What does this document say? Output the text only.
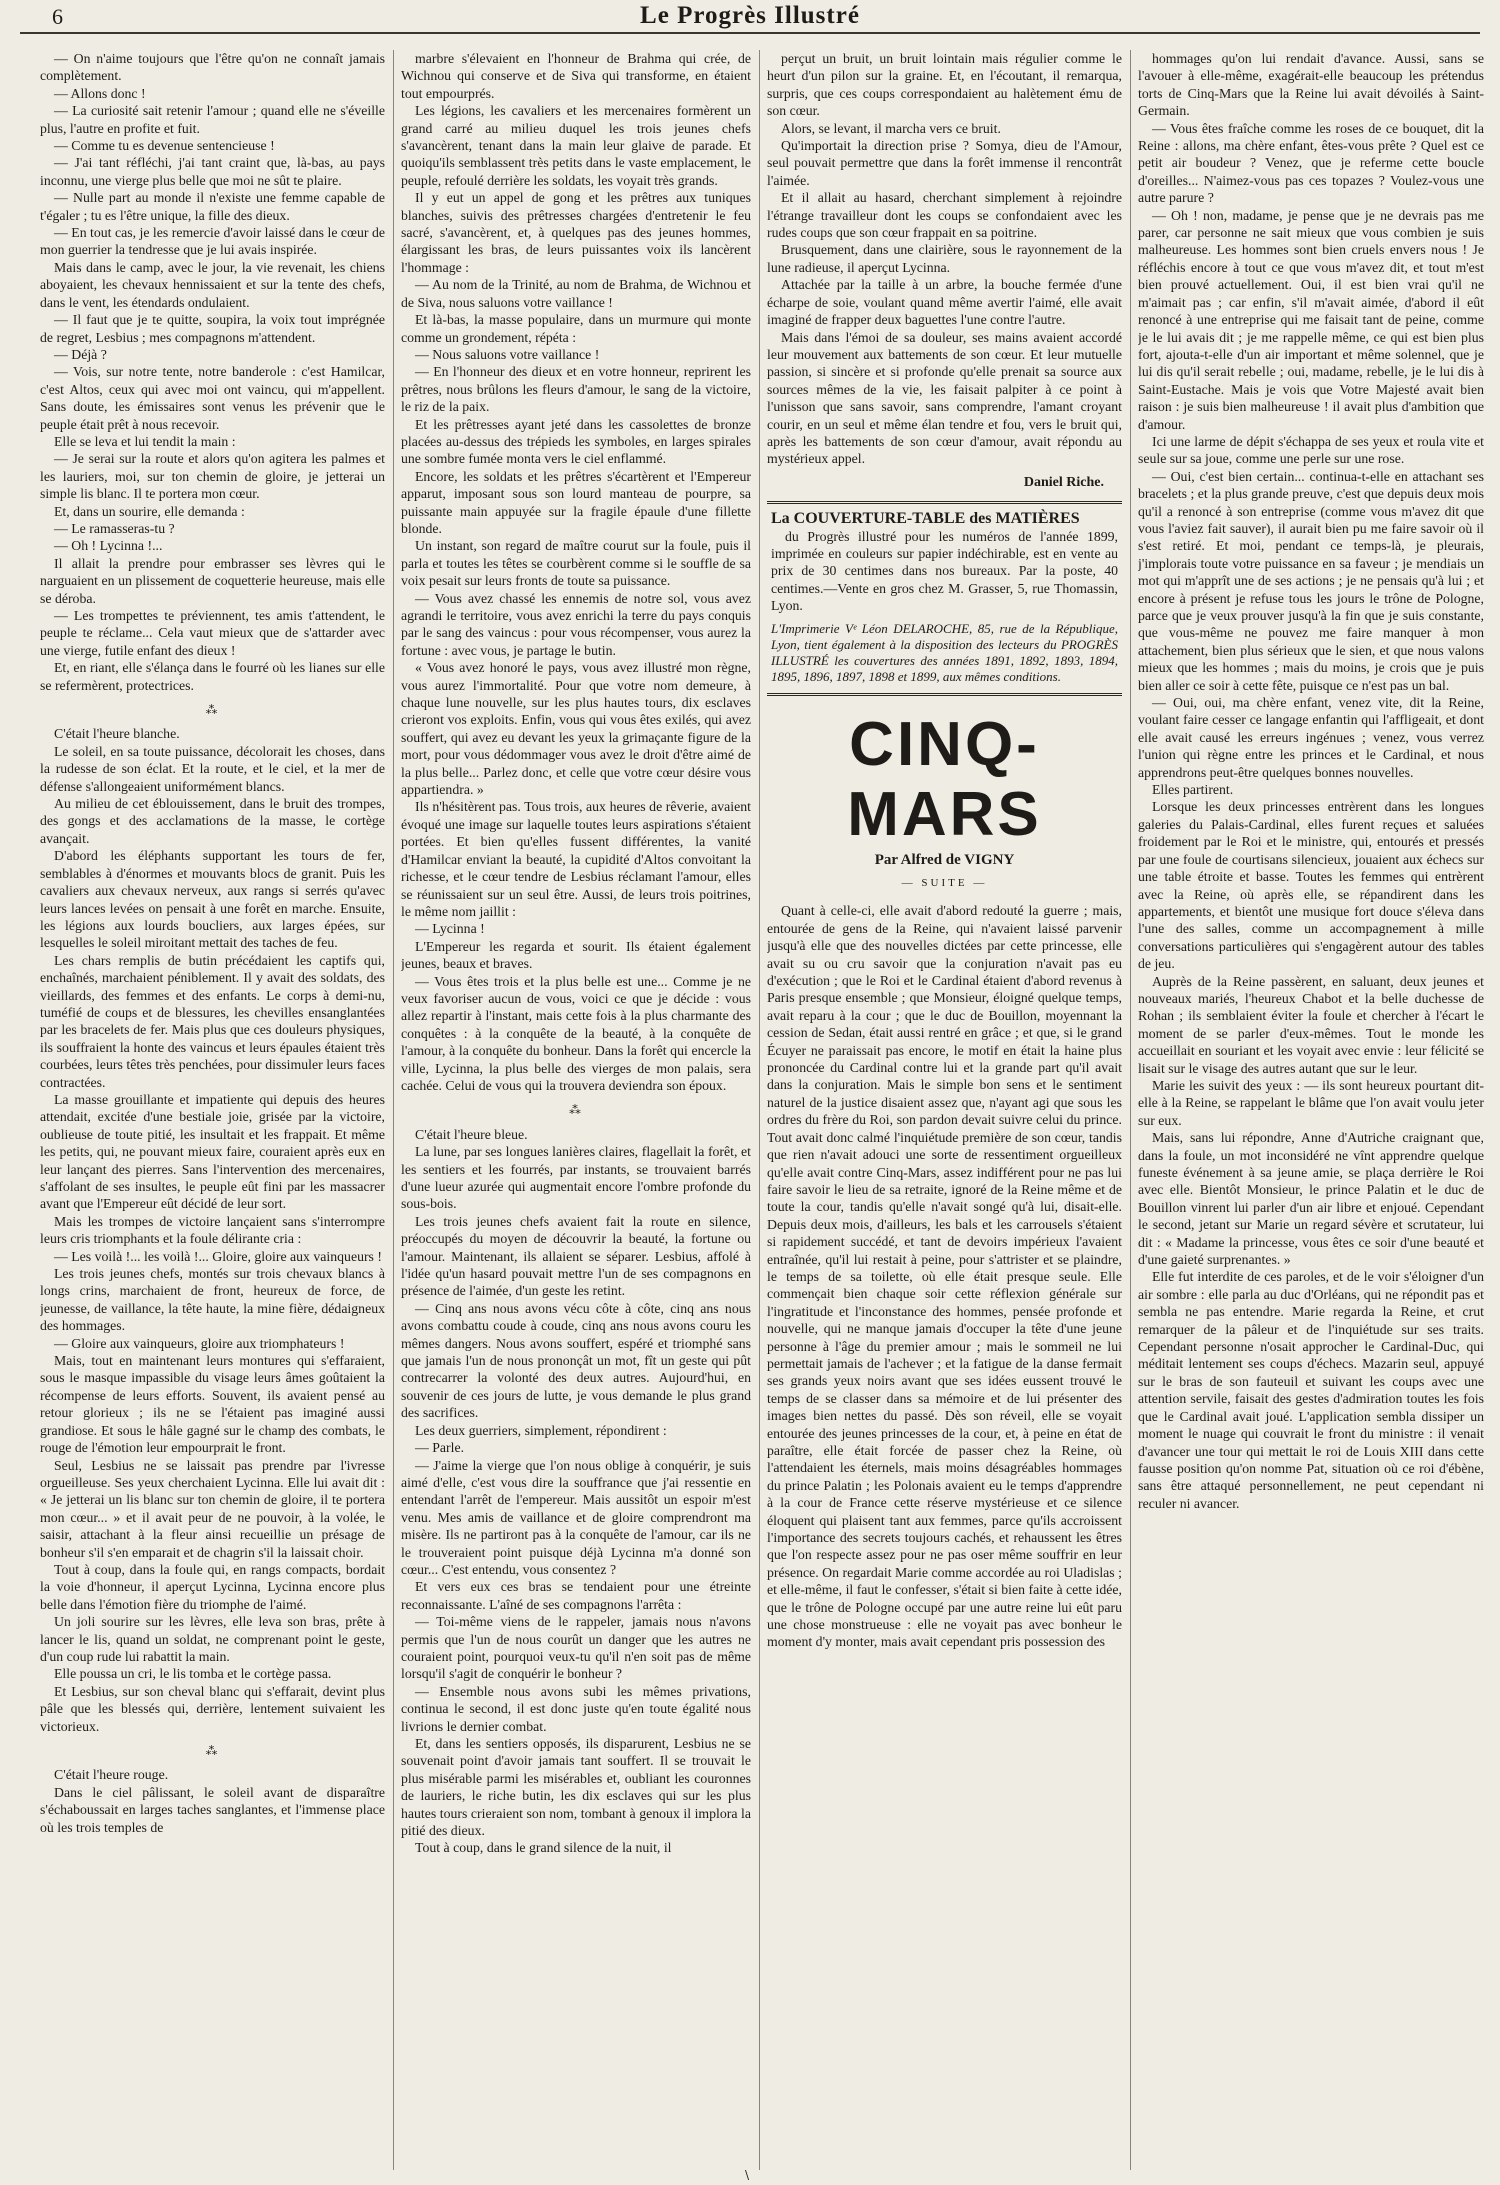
6	Le Progrès Illustré

— On n'aime toujours que l'être qu'on ne connaît jamais complètement.

— Allons donc !

— La curiosité sait retenir l'amour ; quand elle ne s'éveille plus, l'autre en profite et fuit.

— Comme tu es devenue sentencieuse !

— J'ai tant réfléchi, j'ai tant craint que, là-bas, au pays inconnu, une vierge plus belle que moi ne sût te plaire.

— Nulle part au monde il n'existe une femme capable de t'égaler ; tu es l'être unique, la fille des dieux.

— En tout cas, je les remercie d'avoir laissé dans le cœur de mon guerrier la tendresse que je lui avais inspirée.

Mais dans le camp, avec le jour, la vie revenait, les chiens aboyaient, les chevaux hennissaient et sur la tente des chefs, dans le vent, les étendards ondulaient.

— Il faut que je te quitte, soupira, la voix tout imprégnée de regret, Lesbius ; mes compagnons m'attendent.

— Déjà ?

— Vois, sur notre tente, notre banderole : c'est Hamilcar, c'est Altos, ceux qui avec moi ont vaincu, qui m'appellent. Sans doute, les émissaires sont venus les prévenir que le peuple était prêt à nous recevoir.

Elle se leva et lui tendit la main :

— Je serai sur la route et alors qu'on agitera les palmes et les lauriers, moi, sur ton chemin de gloire, je jetterai un simple lis blanc. Il te portera mon cœur.

Et, dans un sourire, elle demanda :

— Le ramasseras-tu ?

— Oh ! Lycinna !...

Il allait la prendre pour embrasser ses lèvres qui le narguaient en un plissement de coquetterie heureuse, mais elle se déroba.

— Les trompettes te préviennent, tes amis t'attendent, le peuple te réclame... Cela vaut mieux que de s'attarder avec une vierge, futile enfant des dieux !

Et, en riant, elle s'élança dans le fourré où les lianes sur elle se refermèrent, protectrices.

⁂

C'était l'heure blanche.

Le soleil, en sa toute puissance, décolorait les choses, dans la rudesse de son éclat. Et la route, et le ciel, et la mer de défense s'allongeaient uniformément blancs.

Au milieu de cet éblouissement, dans le bruit des trompes, des gongs et des acclamations de la masse, le cortège avançait.

D'abord les éléphants supportant les tours de fer, semblables à d'énormes et mouvants blocs de granit. Puis les cavaliers aux chevaux nerveux, aux rangs si serrés qu'avec leurs lances levées on pensait à une forêt en marche. Ensuite, les légions aux lourds boucliers, aux larges épées, sur lesquelles le soleil miroitant mettait des taches de feu.

Les chars remplis de butin précédaient les captifs qui, enchaînés, marchaient péniblement. Il y avait des soldats, des vieillards, des femmes et des enfants. Le corps à demi-nu, tuméfié de coups et de blessures, les chevilles ensanglantées par les bracelets de fer. Mais plus que ces douleurs physiques, ils souffraient la honte des vaincus et leurs épaules étaient très courbées, leurs têtes très penchées, pour dissimuler leurs faces contractées.

La masse grouillante et impatiente qui depuis des heures attendait, excitée d'une bestiale joie, grisée par la victoire, oublieuse de toute pitié, les insultait et les frappait. Et même les petits, qui, ne pouvant mieux faire, couraient après eux en leur lançant des pierres. Sans l'intervention des mercenaires, s'affolant de ses insultes, le peuple eût fini par les massacrer avant que l'Empereur eût décidé de leur sort.

Mais les trompes de victoire lançaient sans s'interrompre leurs cris triomphants et la foule délirante cria :

— Les voilà !... les voilà !... Gloire, gloire aux vainqueurs !

Les trois jeunes chefs, montés sur trois chevaux blancs à longs crins, marchaient de front, heureux de force, de jeunesse, de vaillance, la tête haute, la mine fière, dédaigneux des hommages.

— Gloire aux vainqueurs, gloire aux triomphateurs !

Mais, tout en maintenant leurs montures qui s'effaraient, sous le masque impassible du visage leurs âmes goûtaient la récompense de leurs efforts. Souvent, ils avaient pensé au retour glorieux ; ils ne se l'étaient pas imaginé aussi grandiose. Et sous le hâle gagné sur le champ des combats, le rouge de l'émotion leur empourprait le front.

Seul, Lesbius ne se laissait pas prendre par l'ivresse orgueilleuse. Ses yeux cherchaient Lycinna. Elle lui avait dit : « Je jetterai un lis blanc sur ton chemin de gloire, il te portera mon cœur... » et il avait peur de ne pouvoir, à la volée, le saisir, attachant à la fleur ainsi recueillie un présage de bonheur s'il s'en emparait et de chagrin s'il la laissait choir.

Tout à coup, dans la foule qui, en rangs compacts, bordait la voie d'honneur, il aperçut Lycinna, Lycinna encore plus belle dans l'émotion fière du triomphe de l'aimé.

Un joli sourire sur les lèvres, elle leva son bras, prête à lancer le lis, quand un soldat, ne comprenant point le geste, d'un coup rude lui rabattit la main.

Elle poussa un cri, le lis tomba et le cortège passa.

Et Lesbius, sur son cheval blanc qui s'effarait, devint plus pâle que les blessés qui, derrière, lentement suivaient les victorieux.

⁂

C'était l'heure rouge.

Dans le ciel pâlissant, le soleil avant de disparaître s'échaboussait en larges taches sanglantes, et l'immense place où les trois temples de

marbre s'élevaient en l'honneur de Brahma qui crée, de Wichnou qui conserve et de Siva qui transforme, en étaient tout empourprés.

Les légions, les cavaliers et les mercenaires formèrent un grand carré au milieu duquel les trois jeunes chefs s'avancèrent, tenant dans la main leur glaive de parade. Et quoiqu'ils semblassent très petits dans le vaste emplacement, le peuple, refoulé derrière les soldats, les voyait très grands.

Il y eut un appel de gong et les prêtres aux tuniques blanches, suivis des prêtresses chargées d'entretenir le feu sacré, s'avancèrent, et, à quelques pas des jeunes hommes, élargissant les bras, de leurs puissantes voix ils lancèrent l'hommage :

— Au nom de la Trinité, au nom de Brahma, de Wichnou et de Siva, nous saluons votre vaillance !

Et là-bas, la masse populaire, dans un murmure qui monte comme un grondement, répéta :

— Nous saluons votre vaillance !

— En l'honneur des dieux et en votre honneur, reprirent les prêtres, nous brûlons les fleurs d'amour, le sang de la victoire, le riz de la paix.

Et les prêtresses ayant jeté dans les cassolettes de bronze placées au-dessus des trépieds les symboles, en larges spirales une sombre fumée monta vers le ciel enflammé.

Encore, les soldats et les prêtres s'écartèrent et l'Empereur apparut, imposant sous son lourd manteau de pourpre, sa puissante main appuyée sur la fragile épaule d'une fillette blonde.

Un instant, son regard de maître courut sur la foule, puis il parla et toutes les têtes se courbèrent comme si le souffle de sa voix pesait sur leurs fronts de toute sa puissance.

— Vous avez chassé les ennemis de notre sol, vous avez agrandi le territoire, vous avez enrichi la terre du pays conquis par le sang des vaincus : pour vous récompenser, vous aurez la fortune : avec vous, je partage le butin.

« Vous avez honoré le pays, vous avez illustré mon règne, vous aurez l'immortalité. Pour que votre nom demeure, à chaque lune nouvelle, sur les plus hautes tours, dix esclaves crieront vos exploits. Enfin, vous qui vous êtes exilés, qui avez souffert, qui avez eu devant les yeux la grimaçante figure de la mort, pour vous dédommager vous avez le droit d'être aimé de la plus belle... Parlez donc, et celle que votre cœur désire vous appartiendra. »

Ils n'hésitèrent pas. Tous trois, aux heures de rêverie, avaient évoqué une image sur laquelle toutes leurs aspirations s'étaient portées. Et bien qu'elles fussent différentes, la vanité d'Hamilcar enviant la beauté, la cupidité d'Altos convoitant la richesse, et le cœur tendre de Lesbius réclamant l'amour, elles se réunissaient sur un seul être. Aussi, de leurs trois poitrines, le même nom jaillit :

— Lycinna !

L'Empereur les regarda et sourit. Ils étaient également jeunes, beaux et braves.

— Vous êtes trois et la plus belle est une... Comme je ne veux favoriser aucun de vous, voici ce que je décide : vous allez repartir à l'instant, mais cette fois à la plus charmante des conquêtes : à la conquête de la beauté, à la conquête de l'amour, à la conquête du bonheur. Dans la forêt qui encercle la ville, Lycinna, la plus belle des vierges de mon palais, sera cachée. Celui de vous qui la trouvera deviendra son époux.

⁂

C'était l'heure bleue.

La lune, par ses longues lanières claires, flagellait la forêt, et les sentiers et les fourrés, par instants, se trouvaient barrés d'une lueur azurée qui augmentait encore l'ombre profonde du sous-bois.

Les trois jeunes chefs avaient fait la route en silence, préoccupés du moyen de découvrir la beauté, la fortune ou l'amour. Maintenant, ils allaient se séparer. Lesbius, affolé à l'idée qu'un hasard pouvait mettre l'un de ses compagnons en présence de l'aimée, d'un geste les retint.

— Cinq ans nous avons vécu côte à côte, cinq ans nous avons combattu coude à coude, cinq ans nous avons couru les mêmes dangers. Nous avons souffert, espéré et triomphé sans que jamais l'un de nous prononçât un mot, fît un geste qui pût contrecarrer la volonté des deux autres. Aujourd'hui, en souvenir de ces jours de lutte, je vous demande le plus grand des sacrifices.

Les deux guerriers, simplement, répondirent :

— Parle.

— J'aime la vierge que l'on nous oblige à conquérir, je suis aimé d'elle, c'est vous dire la souffrance que j'ai ressentie en entendant l'arrêt de l'empereur. Mais aussitôt un espoir m'est venu. Mes amis de vaillance et de gloire comprendront ma misère. Ils ne partiront pas à la conquête de l'amour, car ils ne le trouveraient point puisque déjà Lycinna m'a donné son cœur... C'est entendu, vous consentez ?

Et vers eux ces bras se tendaient pour une étreinte reconnaissante. L'aîné de ses compagnons l'arrêta :

— Toi-même viens de le rappeler, jamais nous n'avons permis que l'un de nous courût un danger que les autres ne couraient point, pourquoi veux-tu qu'il n'en soit pas de même lorsqu'il s'agit de conquérir le bonheur ?

— Ensemble nous avons subi les mêmes privations, continua le second, il est donc juste qu'en toute égalité nous livrions le dernier combat.

Et, dans les sentiers opposés, ils disparurent, Lesbius ne se souvenait point d'avoir jamais tant souffert. Il se trouvait le plus misérable parmi les misérables et, oubliant les couronnes de lauriers, le riche butin, les dix esclaves qui sur les plus hautes tours crieraient son nom, tombant à genoux il implora la pitié des dieux.

Tout à coup, dans le grand silence de la nuit, il

perçut un bruit, un bruit lointain mais régulier comme le heurt d'un pilon sur la graine. Et, en l'écoutant, il remarqua, surpris, que ces coups correspondaient au halètement ému de son cœur.

Alors, se levant, il marcha vers ce bruit.

Qu'importait la direction prise ? Somya, dieu de l'Amour, seul pouvait permettre que dans la forêt immense il rencontrât l'aimée.

Et il allait au hasard, cherchant simplement à rejoindre l'étrange travailleur dont les coups se confondaient avec les rudes coups que son cœur frappait en sa poitrine.

Brusquement, dans une clairière, sous le rayonnement de la lune radieuse, il aperçut Lycinna.

Attachée par la taille à un arbre, la bouche fermée d'une écharpe de soie, voulant quand même avertir l'aimé, elle avait imaginé de frapper deux baguettes l'une contre l'autre.

Mais dans l'émoi de sa douleur, ses mains avaient accordé leur mouvement aux battements de son cœur. Et leur mutuelle passion, si sincère et si profonde qu'elle prenait sa source aux sources mêmes de la vie, les faisait palpiter à ce point à l'unisson que sans savoir, sans comprendre, l'amant croyant courir, en un seul et même élan tendre et fou, vers le bruit qui, après les battements de son cœur d'amour, avait répondu au mystérieux appel.

Daniel Riche.
La COUVERTURE-TABLE des MATIÈRES

du Progrès illustré pour les numéros de l'année 1899, imprimée en couleurs sur papier indéchirable, est en vente au prix de 30 centimes dans nos bureaux. Par la poste, 40 centimes.—Vente en gros chez M. Grasser, 5, rue Thomassin, Lyon.

L'Imprimerie Vᵉ Léon DELAROCHE, 85, rue de la République, Lyon, tient également à la disposition des lecteurs du PROGRÈS ILLUSTRÉ les couvertures des années 1891, 1892, 1893, 1894, 1895, 1896, 1897, 1898 et 1899, aux mêmes conditions.
CINQ-MARS
Par Alfred de VIGNY
— SUITE —

Quant à celle-ci, elle avait d'abord redouté la guerre ; mais, entourée de gens de la Reine, qui n'avaient laissé parvenir jusqu'à elle que des nouvelles dictées par cette princesse, elle avait su ou cru savoir que la conjuration n'avait pas eu d'exécution ; que le Roi et le Cardinal étaient d'abord revenus à Paris presque ensemble ; que Monsieur, éloigné quelque temps, avait reparu à la cour ; que le duc de Bouillon, moyennant la cession de Sedan, était aussi rentré en grâce ; et que, si le grand Écuyer ne paraissait pas encore, le motif en était la haine plus prononcée du Cardinal contre lui et la grande part qu'il avait dans la conjuration. Mais le simple bon sens et le sentiment naturel de la justice disaient assez que, n'ayant agi que sous les ordres du frère du Roi, son pardon devait suivre celui du prince. Tout avait donc calmé l'inquiétude première de son cœur, tandis que rien n'avait adouci une sorte de ressentiment orgueilleux qu'elle avait contre Cinq-Mars, assez indifférent pour ne pas lui faire savoir le lieu de sa retraite, ignoré de la Reine même et de toute la cour, tandis qu'elle n'avait songé qu'à lui, disait-elle. Depuis deux mois, d'ailleurs, les bals et les carrousels s'étaient si rapidement succédé, et tant de devoirs impérieux l'avaient entraînée, qu'il lui restait à peine, pour s'attrister et se plaindre, le temps de sa toilette, où elle était presque seule. Elle commençait bien chaque soir cette réflexion générale sur l'ingratitude et l'inconstance des hommes, pensée profonde et nouvelle, qui ne manque jamais d'occuper la tête d'une jeune personne à l'âge du premier amour ; mais le sommeil ne lui permettait jamais de l'achever ; et la fatigue de la danse fermait ses grands yeux noirs avant que ses idées eussent trouvé le temps de se classer dans sa mémoire et de lui présenter des images bien nettes du passé. Dès son réveil, elle se voyait entourée des jeunes princesses de la cour, et, à peine en état de paraître, elle était forcée de passer chez la Reine, où l'attendaient les éternels, mais moins désagréables hommages du prince Palatin ; les Polonais avaient eu le temps d'apprendre à la cour de France cette réserve mystérieuse et ce silence éloquent qui plaisent tant aux femmes, parce qu'ils accroissent l'importance des secrets toujours cachés, et rehaussent les êtres que l'on respecte assez pour ne pas oser même souffrir en leur présence. On regardait Marie comme accordée au roi Uladislas ; et elle-même, il faut le confesser, s'était si bien faite à cette idée, que le trône de Pologne occupé par une autre reine lui eût paru une chose monstrueuse : elle ne voyait pas avec bonheur le moment d'y monter, mais avait cependant pris possession des

hommages qu'on lui rendait d'avance. Aussi, sans se l'avouer à elle-même, exagérait-elle beaucoup les prétendus torts de Cinq-Mars que la Reine lui avait dévoilés à Saint-Germain.

— Vous êtes fraîche comme les roses de ce bouquet, dit la Reine : allons, ma chère enfant, êtes-vous prête ? Quel est ce petit air boudeur ? Venez, que je referme cette boucle d'oreilles... N'aimez-vous pas ces topazes ? Voulez-vous une autre parure ?

— Oh ! non, madame, je pense que je ne devrais pas me parer, car personne ne sait mieux que vous combien je suis malheureuse. Les hommes sont bien cruels envers nous ! Je réfléchis encore à tout ce que vous m'avez dit, et tout m'est bien prouvé actuellement. Oui, il est bien vrai qu'il ne m'aimait pas ; car enfin, s'il m'avait aimée, d'abord il eût renoncé à une entreprise qui me faisait tant de peine, comme je le lui avais dit ; je me rappelle même, ce qui est bien plus fort, ajouta-t-elle d'un air important et même solennel, que je lui dis qu'il serait rebelle ; oui, madame, rebelle, je le lui dis à Saint-Eustache. Mais je vois que Votre Majesté avait bien raison : je suis bien malheureuse ! il avait plus d'ambition que d'amour.

Ici une larme de dépit s'échappa de ses yeux et roula vite et seule sur sa joue, comme une perle sur une rose.

— Oui, c'est bien certain... continua-t-elle en attachant ses bracelets ; et la plus grande preuve, c'est que depuis deux mois qu'il a renoncé à son entreprise (comme vous m'avez dit que vous l'aviez fait sauver), il aurait bien pu me faire savoir où il s'est retiré. Et moi, pendant ce temps-là, je pleurais, j'implorais toute votre puissance en sa faveur ; je mendiais un mot qui m'apprît une de ses actions ; je ne pensais qu'à lui ; et encore à présent je refuse tous les jours le trône de Pologne, parce que je veux prouver jusqu'à la fin que je suis constante, que vous-même ne pouvez me faire manquer à mon attachement, bien plus sérieux que le sien, et que nous valons mieux que les hommes ; mais du moins, je crois que je puis bien aller ce soir à cette fête, puisque ce n'est pas un bal.

— Oui, oui, ma chère enfant, venez vite, dit la Reine, voulant faire cesser ce langage enfantin qui l'affligeait, et dont elle avait causé les erreurs ingénues ; venez, vous verrez l'union qui règne entre les princes et le Cardinal, et nous apprendrons peut-être quelques bonnes nouvelles.

Elles partirent.

Lorsque les deux princesses entrèrent dans les longues galeries du Palais-Cardinal, elles furent reçues et saluées froidement par le Roi et le ministre, qui, entourés et pressés par une foule de courtisans silencieux, jouaient aux échecs sur une table étroite et basse. Toutes les femmes qui entrèrent avec la Reine, où après elle, se répandirent dans les appartements, et bientôt une musique fort douce s'éleva dans l'une des salles, comme un accompagnement à mille conversations particulières qui s'engagèrent autour des tables de jeu.

Auprès de la Reine passèrent, en saluant, deux jeunes et nouveaux mariés, l'heureux Chabot et la belle duchesse de Rohan ; ils semblaient éviter la foule et chercher à l'écart le moment de se parler d'eux-mêmes. Tout le monde les accueillait en souriant et les voyait avec envie : leur félicité se lisait sur le visage des autres autant que sur le leur.

Marie les suivit des yeux : — ils sont heureux pourtant dit-elle à la Reine, se rappelant le blâme que l'on avait voulu jeter sur eux.

Mais, sans lui répondre, Anne d'Autriche craignant que, dans la foule, un mot inconsidéré ne vînt apprendre quelque funeste événement à sa jeune amie, se plaça derrière le Roi avec elle. Bientôt Monsieur, le prince Palatin et le duc de Bouillon vinrent lui parler d'un air libre et enjoué. Cependant le second, jetant sur Marie un regard sévère et scrutateur, lui dit : « Madame la princesse, vous êtes ce soir d'une beauté et d'une gaieté surprenantes. »

Elle fut interdite de ces paroles, et de le voir s'éloigner d'un air sombre : elle parla au duc d'Orléans, qui ne répondit pas et sembla ne pas entendre. Marie regarda la Reine, et crut remarquer de la pâleur et de l'inquiétude sur ses traits. Cependant personne n'osait approcher le Cardinal-Duc, qui méditait lentement ses coups d'échecs. Mazarin seul, appuyé sur le bras de son fauteuil et suivant les coups avec une attention servile, faisait des gestes d'admiration toutes les fois que le Cardinal avait joué. L'application sembla dissiper un moment le nuage qui couvrait le front du ministre : il venait d'avancer une tour qui mettait le roi de Louis XIII dans cette fausse position qu'on nomme Pat, situation où ce roi d'ébène, sans être attaqué personnellement, ne peut cependant ni reculer ni avancer.

\
